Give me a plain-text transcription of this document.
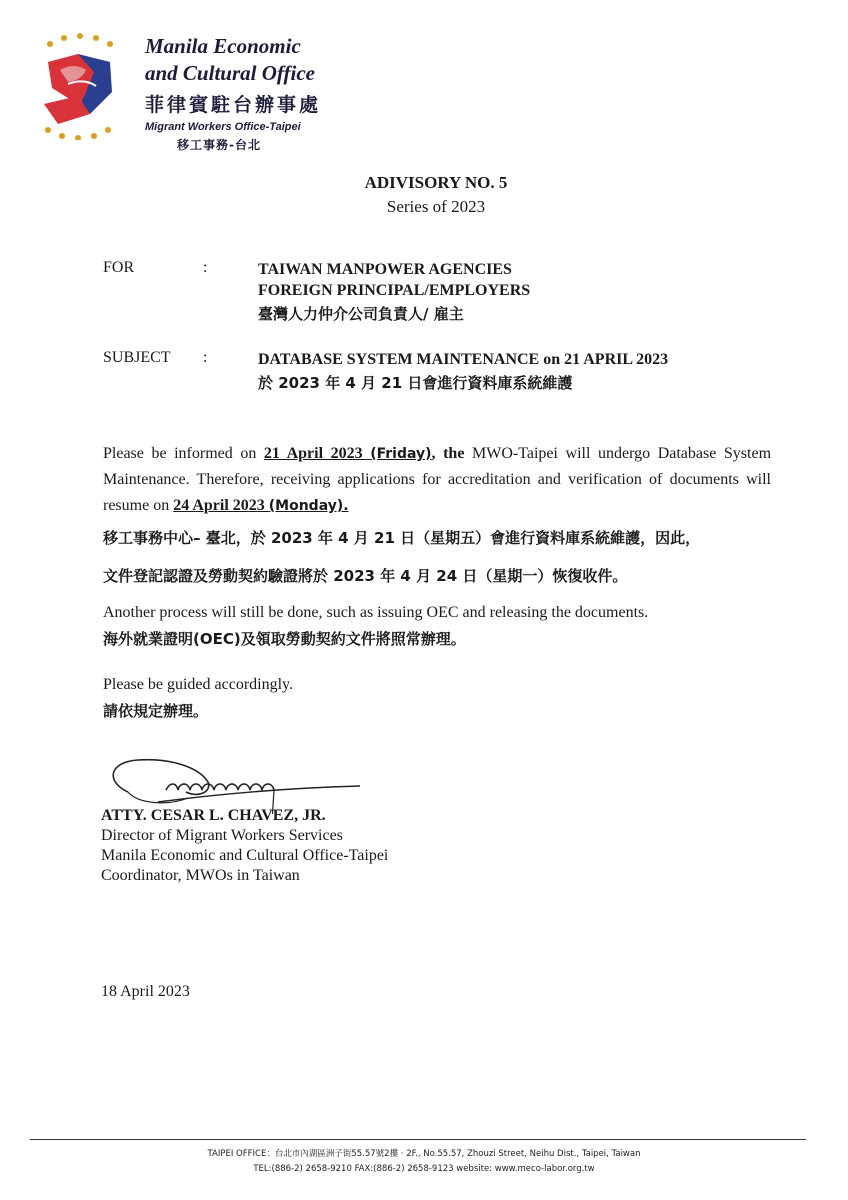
Manila Economic
and Cultural Office
菲律賓駐台辦事處
Migrant Workers Office-Taipei
移工事務-台北
ADIVISORY NO. 5
Series of 2023
FOR	:	TAIWAN MANPOWER AGENCIES
FOREIGN PRINCIPAL/EMPLOYERS
臺灣人力仲介公司負責人/ 雇主
SUBJECT :	DATABASE SYSTEM MAINTENANCE on 21 APRIL 2023
於 2023 年 4 月 21 日會進行資料庫系統維護
Please be informed on 21 April 2023 (Friday), the MWO-Taipei will undergo Database System Maintenance. Therefore, receiving applications for accreditation and verification of documents will resume on 24 April 2023 (Monday).
移工事務中心– 臺北，於 2023 年 4 月 21 日（星期五）會進行資料庫系統維護，因此，
文件登記認證及勞動契約驗證將於 2023 年 4 月 24 日（星期一）恢復收件。
Another process will still be done, such as issuing OEC and releasing the documents.
海外就業證明(OEC)及領取勞動契約文件將照常辦理。
Please be guided accordingly.
請依規定辦理。
ATTY. CESAR L. CHAVEZ, JR.
Director of Migrant Workers Services
Manila Economic and Cultural Office-Taipei
Coordinator, MWOs in Taiwan
18 April 2023
TAIPEI OFFICE：台北市內湖區洲子街55.57號2樓 · 2F., No.55.57, Zhouzi Street, Neihu Dist., Taipei, Taiwan
TEL:(886-2) 2658-9210 FAX:(886-2) 2658-9123 website: www.meco-labor.org.tw
